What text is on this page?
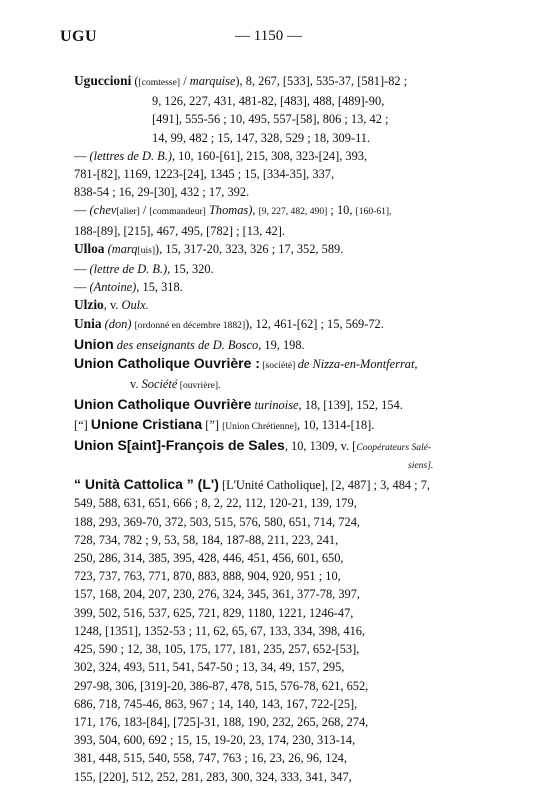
UGU	— 1150 —
Uguccioni ([comtesse] / marquise), 8, 267, [533], 535-37, [581]-82 ;
9, 126, 227, 431, 481-82, [483], 488, [489]-90,
[491], 555-56 ; 10, 495, 557-[58], 806 ; 13, 42 ;
14, 99, 482 ; 15, 147, 328, 529 ; 18, 309-11.
— (lettres de D. B.), 10, 160-[61], 215, 308, 323-[24], 393,
781-[82], 1169, 1223-[24], 1345 ; 15, [334-35], 337,
838-54 ; 16, 29-[30], 432 ; 17, 392.
— (chev[alier] / [commandeur] Thomas), [9, 227, 482, 490] ; 10, [160-61],
188-[89], [215], 467, 495, [782] ; [13, 42].
Ulloa (marq[uis]), 15, 317-20, 323, 326 ; 17, 352, 589.
— (lettre de D. B.), 15, 320.
— (Antoine), 15, 318.
Ulzio, v. Oulx.
Unia (don) [ordonné en décembre 1882]), 12, 461-[62] ; 15, 569-72.
Union des enseignants de D. Bosco, 19, 198.
Union Catholique Ouvrière : [société] de Nizza-en-Montferrat,
v. Société [ouvrière].
Union Catholique Ouvrière turinoise, 18, [139], 152, 154.
[“] Unione Cristiana [”] [Union Chrétienne], 10, 1314-[18].
Union S[aint]-François de Sales, 10, 1309, v. [Coopérateurs Salé-
siens].
“ Unità Cattolica ” (L') [L'Unité Catholique], [2, 487] ; 3, 484 ; 7,
549, 588, 631, 651, 666 ; 8, 2, 22, 112, 120-21, 139, 179,
188, 293, 369-70, 372, 503, 515, 576, 580, 651, 714, 724,
728, 734, 782 ; 9, 53, 58, 184, 187-88, 211, 223, 241,
250, 286, 314, 385, 395, 428, 446, 451, 456, 601, 650,
723, 737, 763, 771, 870, 883, 888, 904, 920, 951 ; 10,
157, 168, 204, 207, 230, 276, 324, 345, 361, 377-78, 397,
399, 502, 516, 537, 625, 721, 829, 1180, 1221, 1246-47,
1248, [1351], 1352-53 ; 11, 62, 65, 67, 133, 334, 398, 416,
425, 590 ; 12, 38, 105, 175, 177, 181, 235, 257, 652-[53],
302, 324, 493, 511, 541, 547-50 ; 13, 34, 49, 157, 295,
297-98, 306, [319]-20, 386-87, 478, 515, 576-78, 621, 652,
686, 718, 745-46, 863, 967 ; 14, 140, 143, 167, 722-[25],
171, 176, 183-[84], [725]-31, 188, 190, 232, 265, 268, 274,
393, 504, 600, 692 ; 15, 15, 19-20, 23, 174, 230, 313-14,
381, 448, 515, 540, 558, 747, 763 ; 16, 23, 26, 96, 124,
155, [220], 512, 252, 281, 283, 300, 324, 333, 341, 347,
